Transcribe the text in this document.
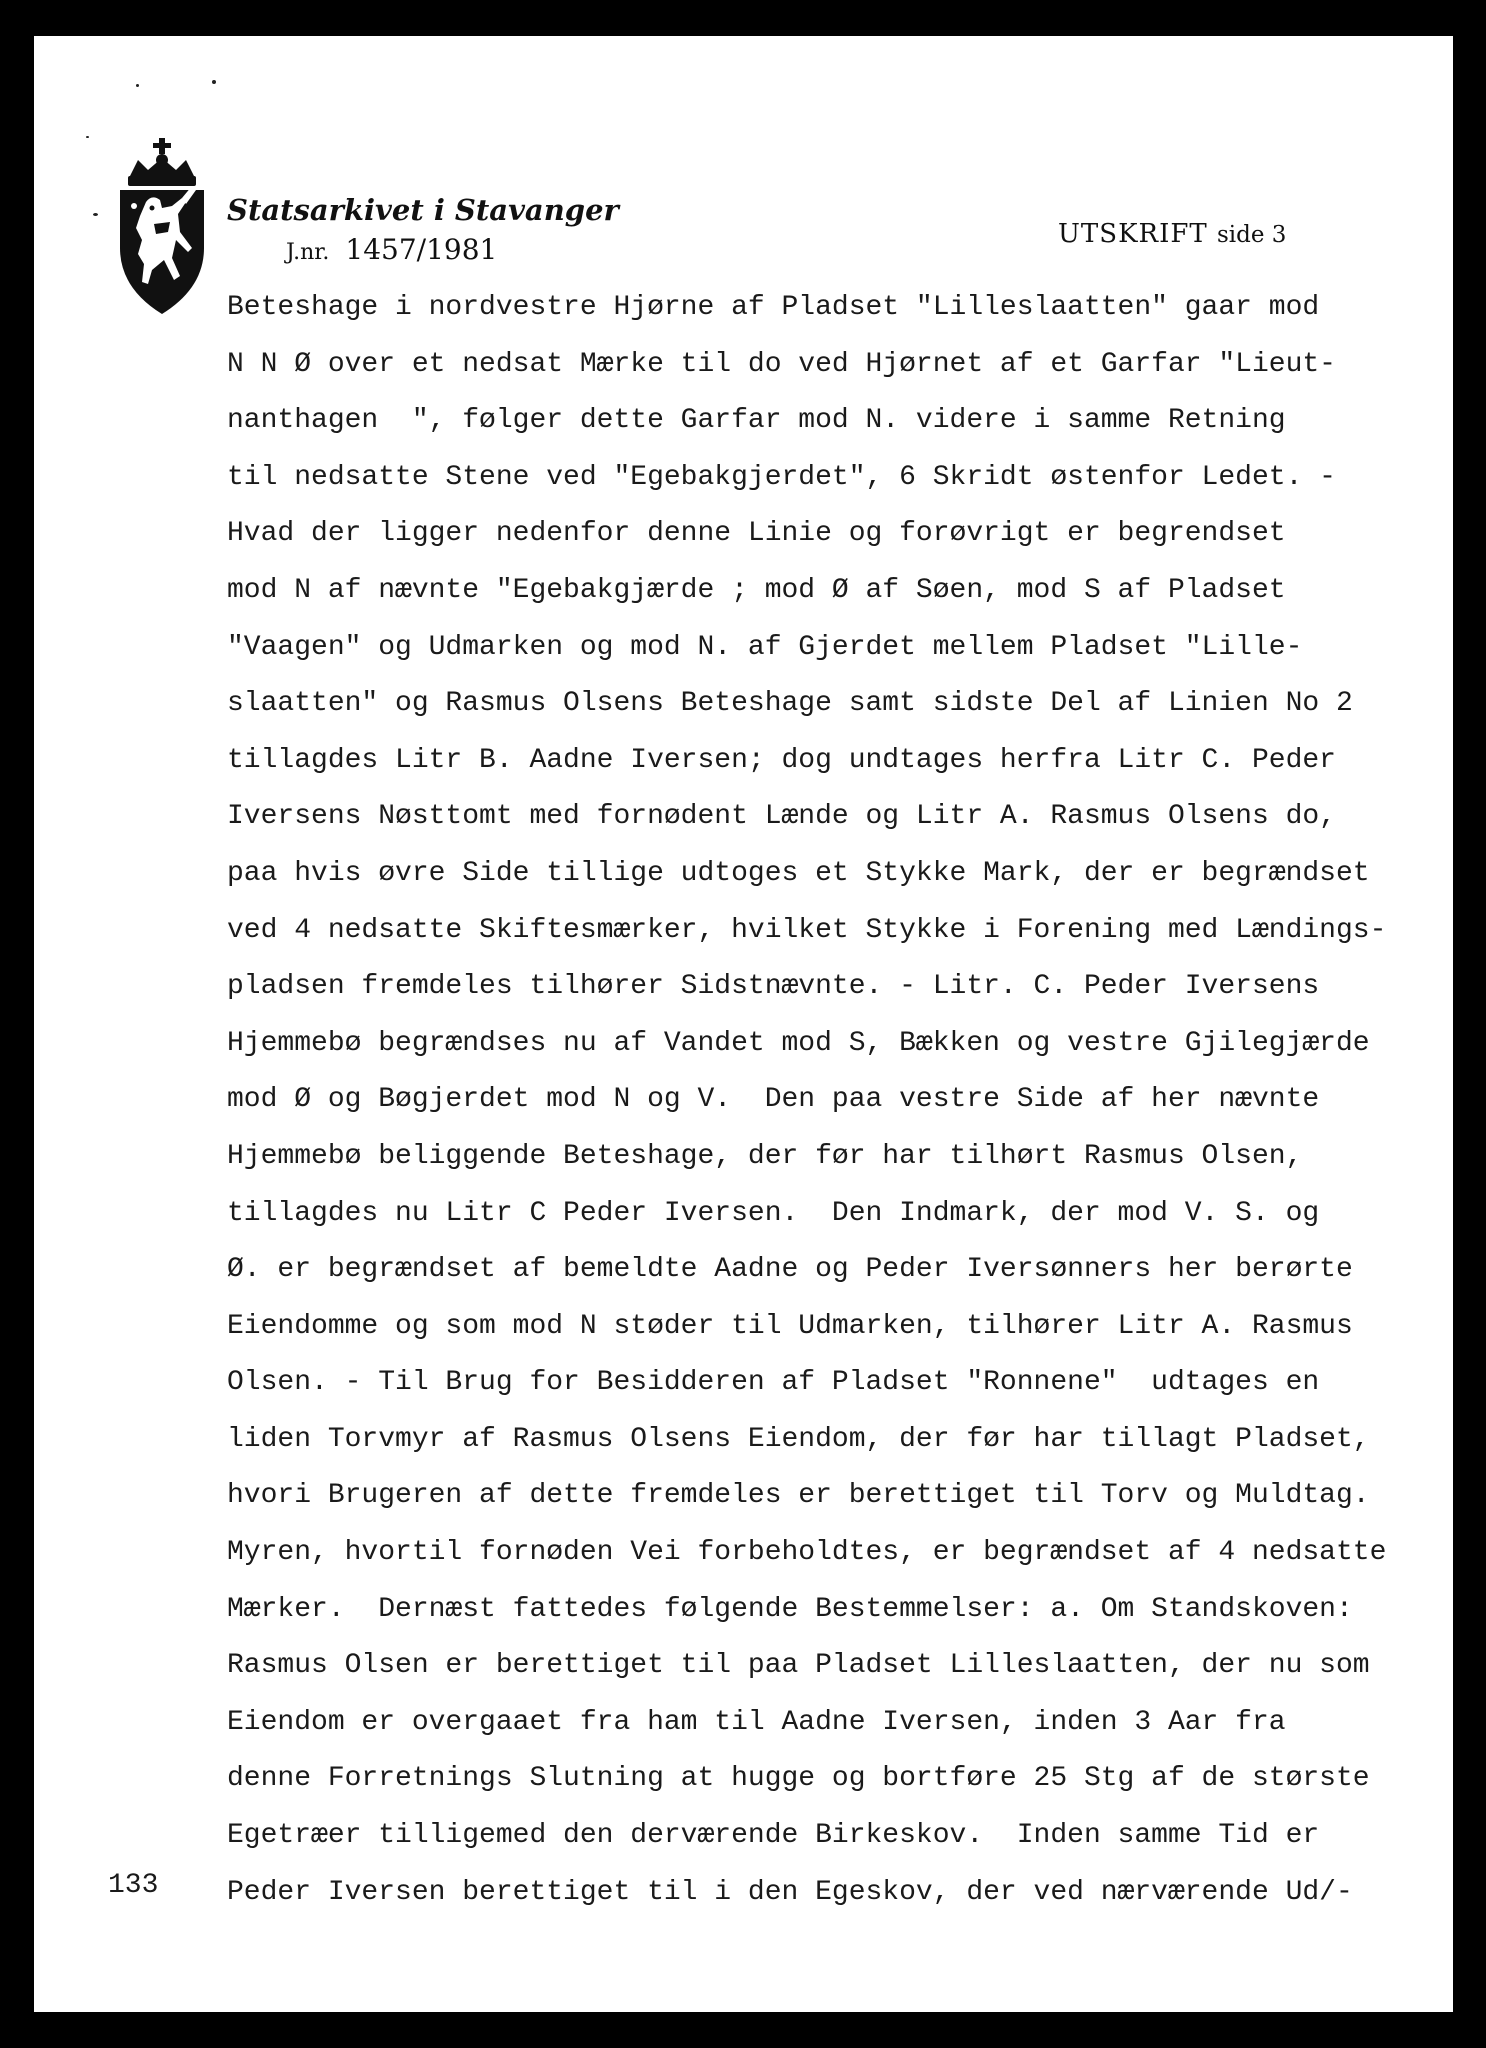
Statsarkivet i Stavanger
J.nr. 1457/1981	UTSKRIFT side 3
Beteshage i nordvestre Hjørne af Pladset "Lilleslaatten" gaar mod
N N Ø over et nedsat Mærke til do ved Hjørnet af et Garfar "Lieut-
nanthagen  ", følger dette Garfar mod N. videre i samme Retning
til nedsatte Stene ved "Egebakgjerdet", 6 Skridt østenfor Ledet. -
Hvad der ligger nedenfor denne Linie og forøvrigt er begrendset
mod N af nævnte "Egebakgjærde ; mod Ø af Søen, mod S af Pladset
"Vaagen" og Udmarken og mod N. af Gjerdet mellem Pladset "Lille-
slaatten" og Rasmus Olsens Beteshage samt sidste Del af Linien No 2
tillagdes Litr B. Aadne Iversen; dog undtages herfra Litr C. Peder
Iversens Nøsttomt med fornødent Lænde og Litr A. Rasmus Olsens do,
paa hvis øvre Side tillige udtoges et Stykke Mark, der er begrændset
ved 4 nedsatte Skiftesmærker, hvilket Stykke i Forening med Lændings-
pladsen fremdeles tilhører Sidstnævnte. - Litr. C. Peder Iversens
Hjemmebø begrændses nu af Vandet mod S, Bækken og vestre Gjilegjærde
mod Ø og Bøgjerdet mod N og V.  Den paa vestre Side af her nævnte
Hjemmebø beliggende Beteshage, der før har tilhørt Rasmus Olsen,
tillagdes nu Litr C Peder Iversen.  Den Indmark, der mod V. S. og
Ø. er begrændset af bemeldte Aadne og Peder Iversønners her berørte
Eiendomme og som mod N støder til Udmarken, tilhører Litr A. Rasmus
Olsen. - Til Brug for Besidderen af Pladset "Ronnene"  udtages en
liden Torvmyr af Rasmus Olsens Eiendom, der før har tillagt Pladset,
hvori Brugeren af dette fremdeles er berettiget til Torv og Muldtag.
Myren, hvortil fornøden Vei forbeholdtes, er begrændset af 4 nedsatte
Mærker.  Dernæst fattedes følgende Bestemmelser: a. Om Standskoven:
Rasmus Olsen er berettiget til paa Pladset Lilleslaatten, der nu som
Eiendom er overgaaet fra ham til Aadne Iversen, inden 3 Aar fra
denne Forretnings Slutning at hugge og bortføre 25 Stg af de største
Egetræer tilligemed den derværende Birkeskov.  Inden samme Tid er
Peder Iversen berettiget til i den Egeskov, der ved nærværende Ud/-
133
